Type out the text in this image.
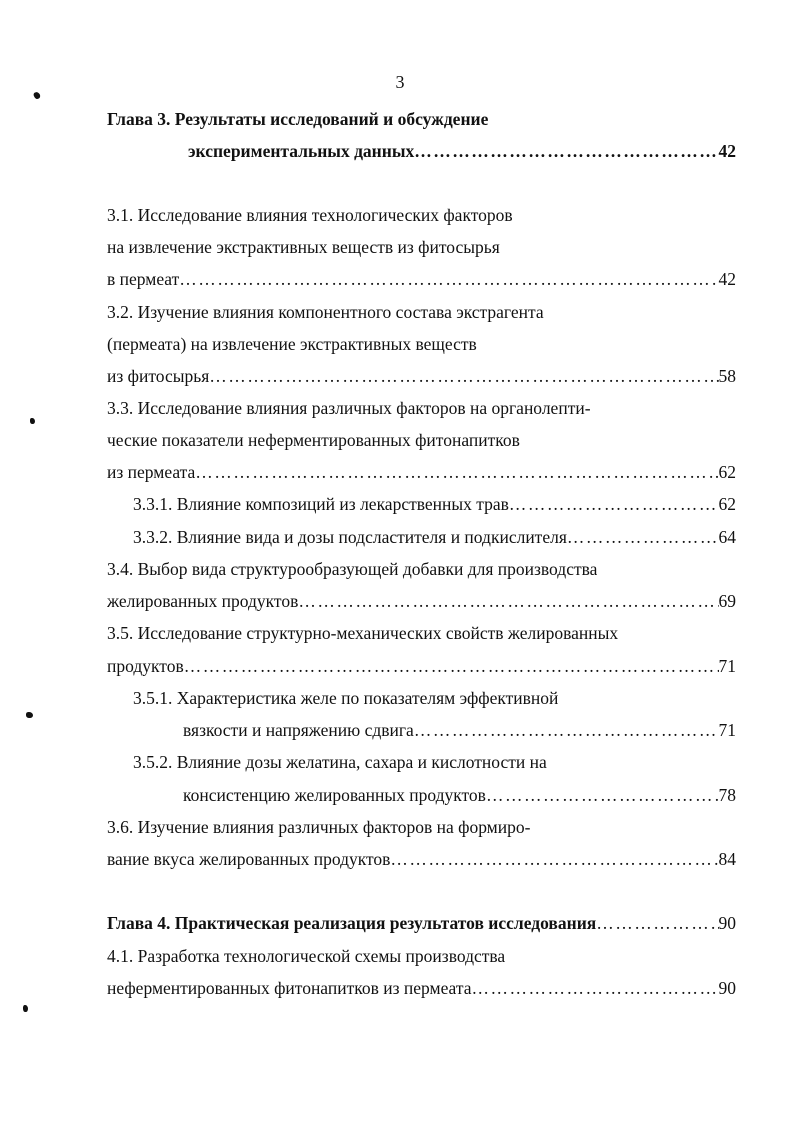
3
Глава 3. Результаты исследований и обсуждение
экспериментальных данных ……………………………………………………………………………………………………………………………………………………………………	42
3.1. Исследование влияния технологических факторов
на извлечение экстрактивных веществ из фитосырья
в пермеат ……………………………………………………………………………………………………………………………………………………………………	42
3.2. Изучение влияния компонентного состава экстрагента
(пермеата) на извлечение экстрактивных веществ
из фитосырья ……………………………………………………………………………………………………………………………………………………………………	58
3.3. Исследование влияния различных факторов на органолепти-
ческие показатели неферментированных фитонапитков
из пермеата ……………………………………………………………………………………………………………………………………………………………………	62
3.3.1. Влияние композиций из лекарственных трав ……………………………………………………………………………………………………………………………………………………………………	62
3.3.2. Влияние вида и дозы подсластителя и подкислителя ……………………………………………………………………………………………………………………………………………………………………	64
3.4. Выбор вида структурообразующей добавки для производства
желированных продуктов ……………………………………………………………………………………………………………………………………………………………………	69
3.5. Исследование структурно-механических свойств желированных
продуктов ……………………………………………………………………………………………………………………………………………………………………	71
3.5.1. Характеристика желе по показателям эффективной
вязкости и напряжению сдвига ……………………………………………………………………………………………………………………………………………………………………	71
3.5.2. Влияние дозы желатина, сахара и кислотности на
консистенцию желированных продуктов ……………………………………………………………………………………………………………………………………………………………………	78
3.6. Изучение влияния различных факторов на формиро-
вание вкуса желированных продуктов ……………………………………………………………………………………………………………………………………………………………………	84
Глава 4. Практическая реализация результатов исследования ……………………………………………………………………………………………………………………………………………………………………	90
4.1. Разработка технологической схемы производства
неферментированных фитонапитков из пермеата ……………………………………………………………………………………………………………………………………………………………………	90
